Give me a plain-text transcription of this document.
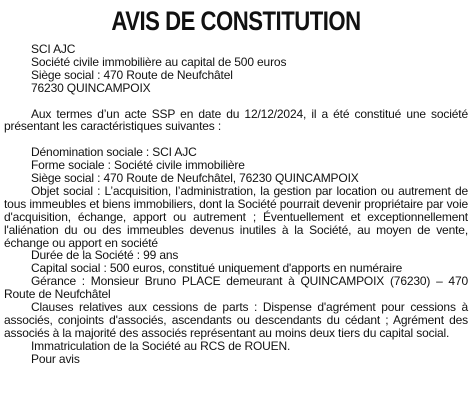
AVIS DE CONSTITUTION

SCI AJC

Société civile immobilière au capital de 500 euros

Siège social : 470 Route de Neufchâtel

76230 QUINCAMPOIX

Aux termes d’un acte SSP en date du 12/12/2024, il a été constitué une société présentant les caractéristiques suivantes :

Dénomination sociale : SCI AJC

Forme sociale : Société civile immobilière

Siège social : 470 Route de Neufchâtel, 76230 QUINCAMPOIX

Objet social : L’acquisition, l’administration, la gestion par location ou autrement de tous immeubles et biens immobiliers, dont la Société pourrait devenir propriétaire par voie d'acquisition, échange, apport ou autrement ; Éventuellement et exceptionnellement l'aliénation du ou des immeubles devenus inutiles à la Société, au moyen de vente, échange ou apport en société

Durée de la Société : 99 ans

Capital social : 500 euros, constitué uniquement d'apports en numéraire

Gérance : Monsieur Bruno PLACE demeurant à QUINCAMPOIX (76230) – 470 Route de Neufchâtel

Clauses relatives aux cessions de parts : Dispense d'agrément pour cessions à associés, conjoints d'associés, ascendants ou descendants du cédant ; Agrément des associés à la majorité des associés représentant au moins deux tiers du capital social.

Immatriculation de la Société au RCS de ROUEN.

Pour avis
